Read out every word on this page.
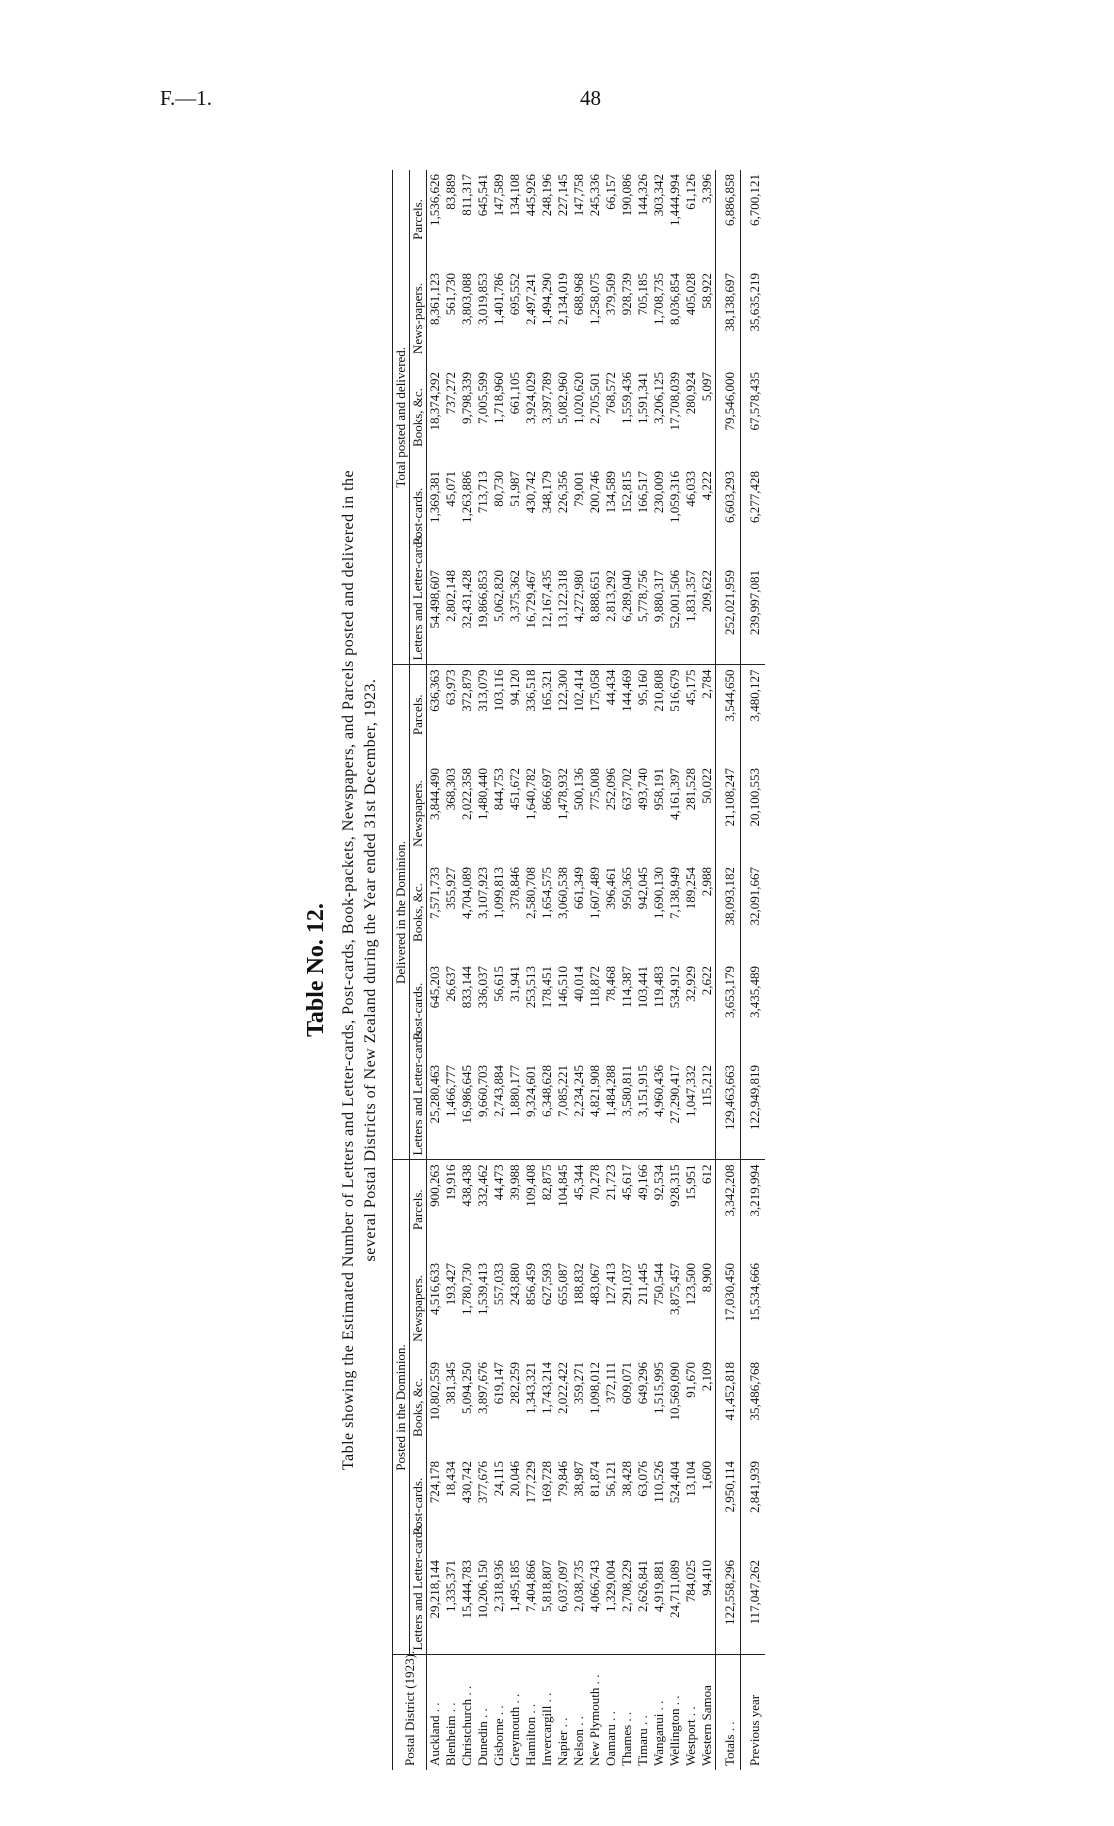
F.—1.	48

Table No. 12. Table showing the Estimated Number of Letters and Letter-cards, Post-cards, Book-packets, Newspapers, and Parcels posted and delivered in the several Postal Districts of New Zealand during the Year ended 31st December, 1923.
Postal District (1923).	Posted in the Dominion.					Delivered in the Dominion.					Total posted and delivered.				
	Letters and Letter-cards.	Post-cards.	Books, &c.	Newspapers.	Parcels.	Letters and Letter-cards.	Post-cards.	Books, &c.	Newspapers.	Parcels.	Letters and Letter-cards.	Post-cards.	Books, &c.	News-papers.	Parcels.
Auckland . .	29,218,144	724,178	10,802,559	4,516,633	900,263	25,280,463	645,203	7,571,733	3,844,490	636,363	54,498,607	1,369,381	18,374,292	8,361,123	1,536,626
Blenheim . .	1,335,371	18,434	381,345	193,427	19,916	1,466,777	26,637	355,927	368,303	63,973	2,802,148	45,071	737,272	561,730	83,889
Christchurch . .	15,444,783	430,742	5,094,250	1,780,730	438,438	16,986,645	833,144	4,704,089	2,022,358	372,879	32,431,428	1,263,886	9,798,339	3,803,088	811,317
Dunedin . .	10,206,150	377,676	3,897,676	1,539,413	332,462	9,660,703	336,037	3,107,923	1,480,440	313,079	19,866,853	713,713	7,005,599	3,019,853	645,541
Gisborne . .	2,318,936	24,115	619,147	557,033	44,473	2,743,884	56,615	1,099,813	844,753	103,116	5,062,820	80,730	1,718,960	1,401,786	147,589
Greymouth . .	1,495,185	20,046	282,259	243,880	39,988	1,880,177	31,941	378,846	451,672	94,120	3,375,362	51,987	661,105	695,552	134,108
Hamilton . .	7,404,866	177,229	1,343,321	856,459	109,408	9,324,601	253,513	2,580,708	1,640,782	336,518	16,729,467	430,742	3,924,029	2,497,241	445,926
Invercargill . .	5,818,807	169,728	1,743,214	627,593	82,875	6,348,628	178,451	1,654,575	866,697	165,321	12,167,435	348,179	3,397,789	1,494,290	248,196
Napier . .	6,037,097	79,846	2,022,422	655,087	104,845	7,085,221	146,510	3,060,538	1,478,932	122,300	13,122,318	226,356	5,082,960	2,134,019	227,145
Nelson . .	2,038,735	38,987	359,271	188,832	45,344	2,234,245	40,014	661,349	500,136	102,414	4,272,980	79,001	1,020,620	688,968	147,758
New Plymouth . .	4,066,743	81,874	1,098,012	483,067	70,278	4,821,908	118,872	1,607,489	775,008	175,058	8,888,651	200,746	2,705,501	1,258,075	245,336
Oamaru . .	1,329,004	56,121	372,111	127,413	21,723	1,484,288	78,468	396,461	252,096	44,434	2,813,292	134,589	768,572	379,509	66,157
Thames . .	2,708,229	38,428	609,071	291,037	45,617	3,580,811	114,387	950,365	637,702	144,469	6,289,040	152,815	1,559,436	928,739	190,086
Timaru . .	2,626,841	63,076	649,296	211,445	49,166	3,151,915	103,441	942,045	493,740	95,160	5,778,756	166,517	1,591,341	705,185	144,326
Wanganui . .	4,919,881	110,526	1,515,995	750,544	92,534	4,960,436	119,483	1,690,130	958,191	210,808	9,880,317	230,009	3,206,125	1,708,735	303,342
Wellington . .	24,711,089	524,404	10,569,090	3,875,457	928,315	27,290,417	534,912	7,138,949	4,161,397	516,679	52,001,506	1,059,316	17,708,039	8,036,854	1,444,994
Westport . .	784,025	13,104	91,670	123,500	15,951	1,047,332	32,929	189,254	281,528	45,175	1,831,357	46,033	280,924	405,028	61,126
Western Samoa	94,410	1,600	2,109	8,900	612	115,212	2,622	2,988	50,022	2,784	209,622	4,222	5,097	58,922	3,396
Totals . .	122,558,296	2,950,114	41,452,818	17,030,450	3,342,208	129,463,663	3,653,179	38,093,182	21,108,247	3,544,650	252,021,959	6,603,293	79,546,000	38,138,697	6,886,858
Previous year	117,047,262	2,841,939	35,486,768	15,534,666	3,219,994	122,949,819	3,435,489	32,091,667	20,100,553	3,480,127	239,997,081	6,277,428	67,578,435	35,635,219	6,700,121
